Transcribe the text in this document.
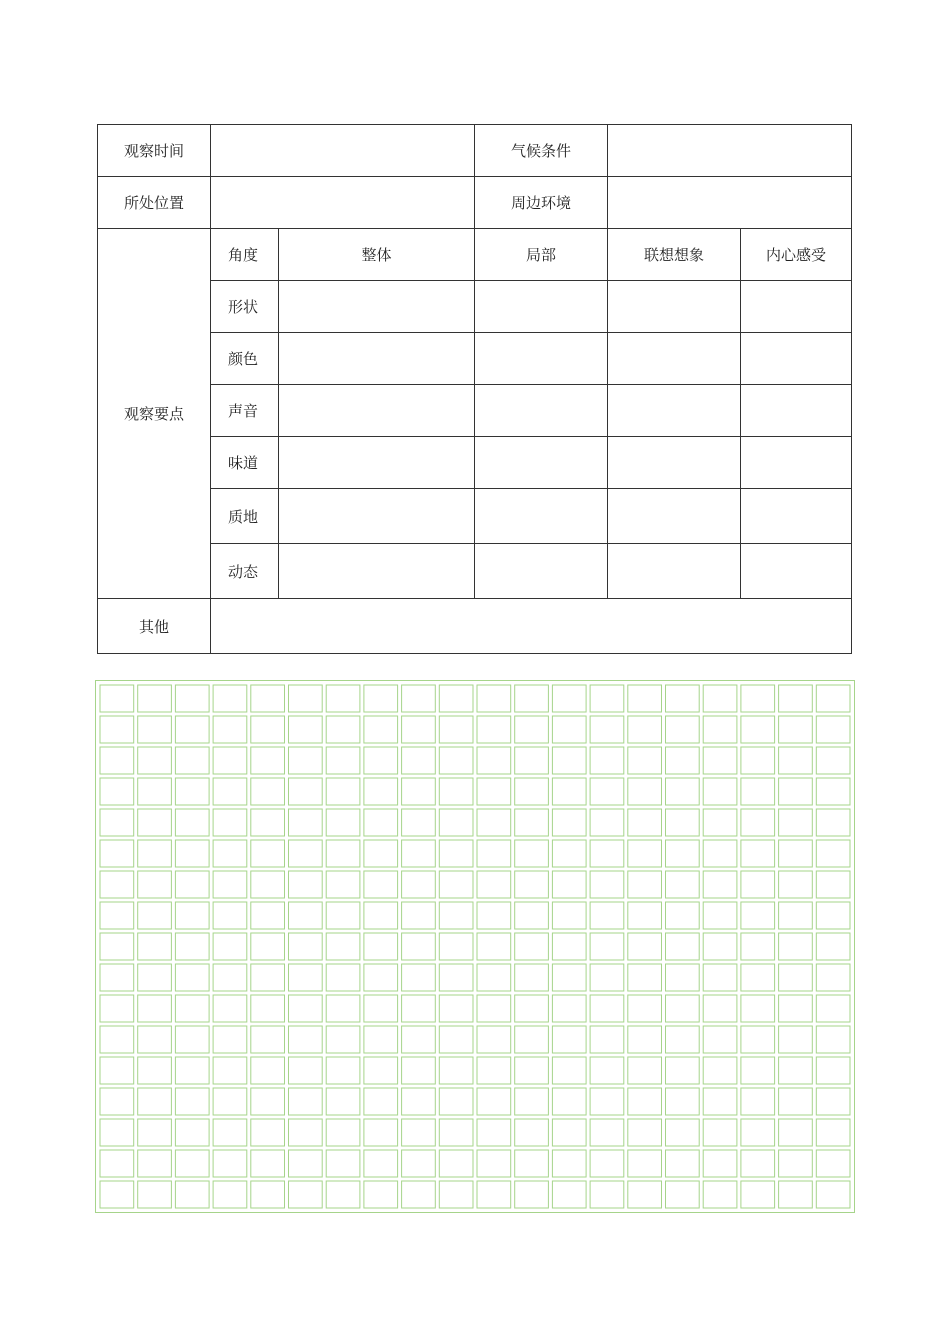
观察时间			气候条件		
所处位置			周边环境		
观察要点	角度	整体	局部	联想想象	内心感受
	形状				
	颜色				
	声音				
	味道				
	质地				
	动态				
其他					
